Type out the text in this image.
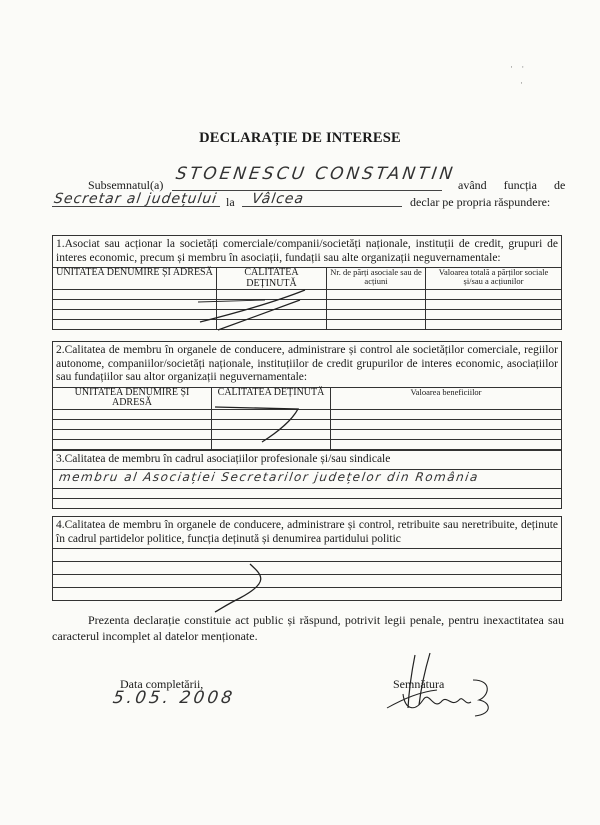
· ·
·
DECLARAȚIE DE INTERESE
Subsemnatul(a)
STOENESCU CONSTANTIN
având funcția de
Secretar al județului la Vâlcea	declar pe propria răspundere:
1.Asociat sau acționar la societăți comerciale/companii/societăți naționale, instituții de credit, grupuri de interes economic, precum și membru în asociații, fundații sau alte organizații neguvernamentale:			
UNITATEA DENUMIRE ȘI ADRESĂ	CALITATEA DEȚINUTĂ	Nr. de părți asociale sau de acțiuni	Valoarea totală a părților sociale și/sau a acțiunilor

2.Calitatea de membru în organele de conducere, administrare și control ale societăților comerciale, regiilor autonome, companiilor/societăți naționale, instituțiilor de credit grupurilor de interes economic, asociațiilor sau fundațiilor sau altor organizații neguvernamentale:		
UNITATEA DENUMIRE ȘI ADRESĂ	CALITATEA DEȚINUTĂ	Valoarea beneficiilor

3.Calitatea de membru în cadrul asociațiilor profesionale și/sau sindicale

membru al Asociației Secretarilor județelor din România

4.Calitatea de membru în organele de conducere, administrare și control, retribuite sau neretribuite, deținute în cadrul partidelor politice, funcția deținută și denumirea partidului politic

Prezenta declarație constituie act public și răspund, potrivit legii penale, pentru inexactitatea sau caracterul incomplet al datelor menționate.
Data completării,
5.05. 2008
Semnătura
